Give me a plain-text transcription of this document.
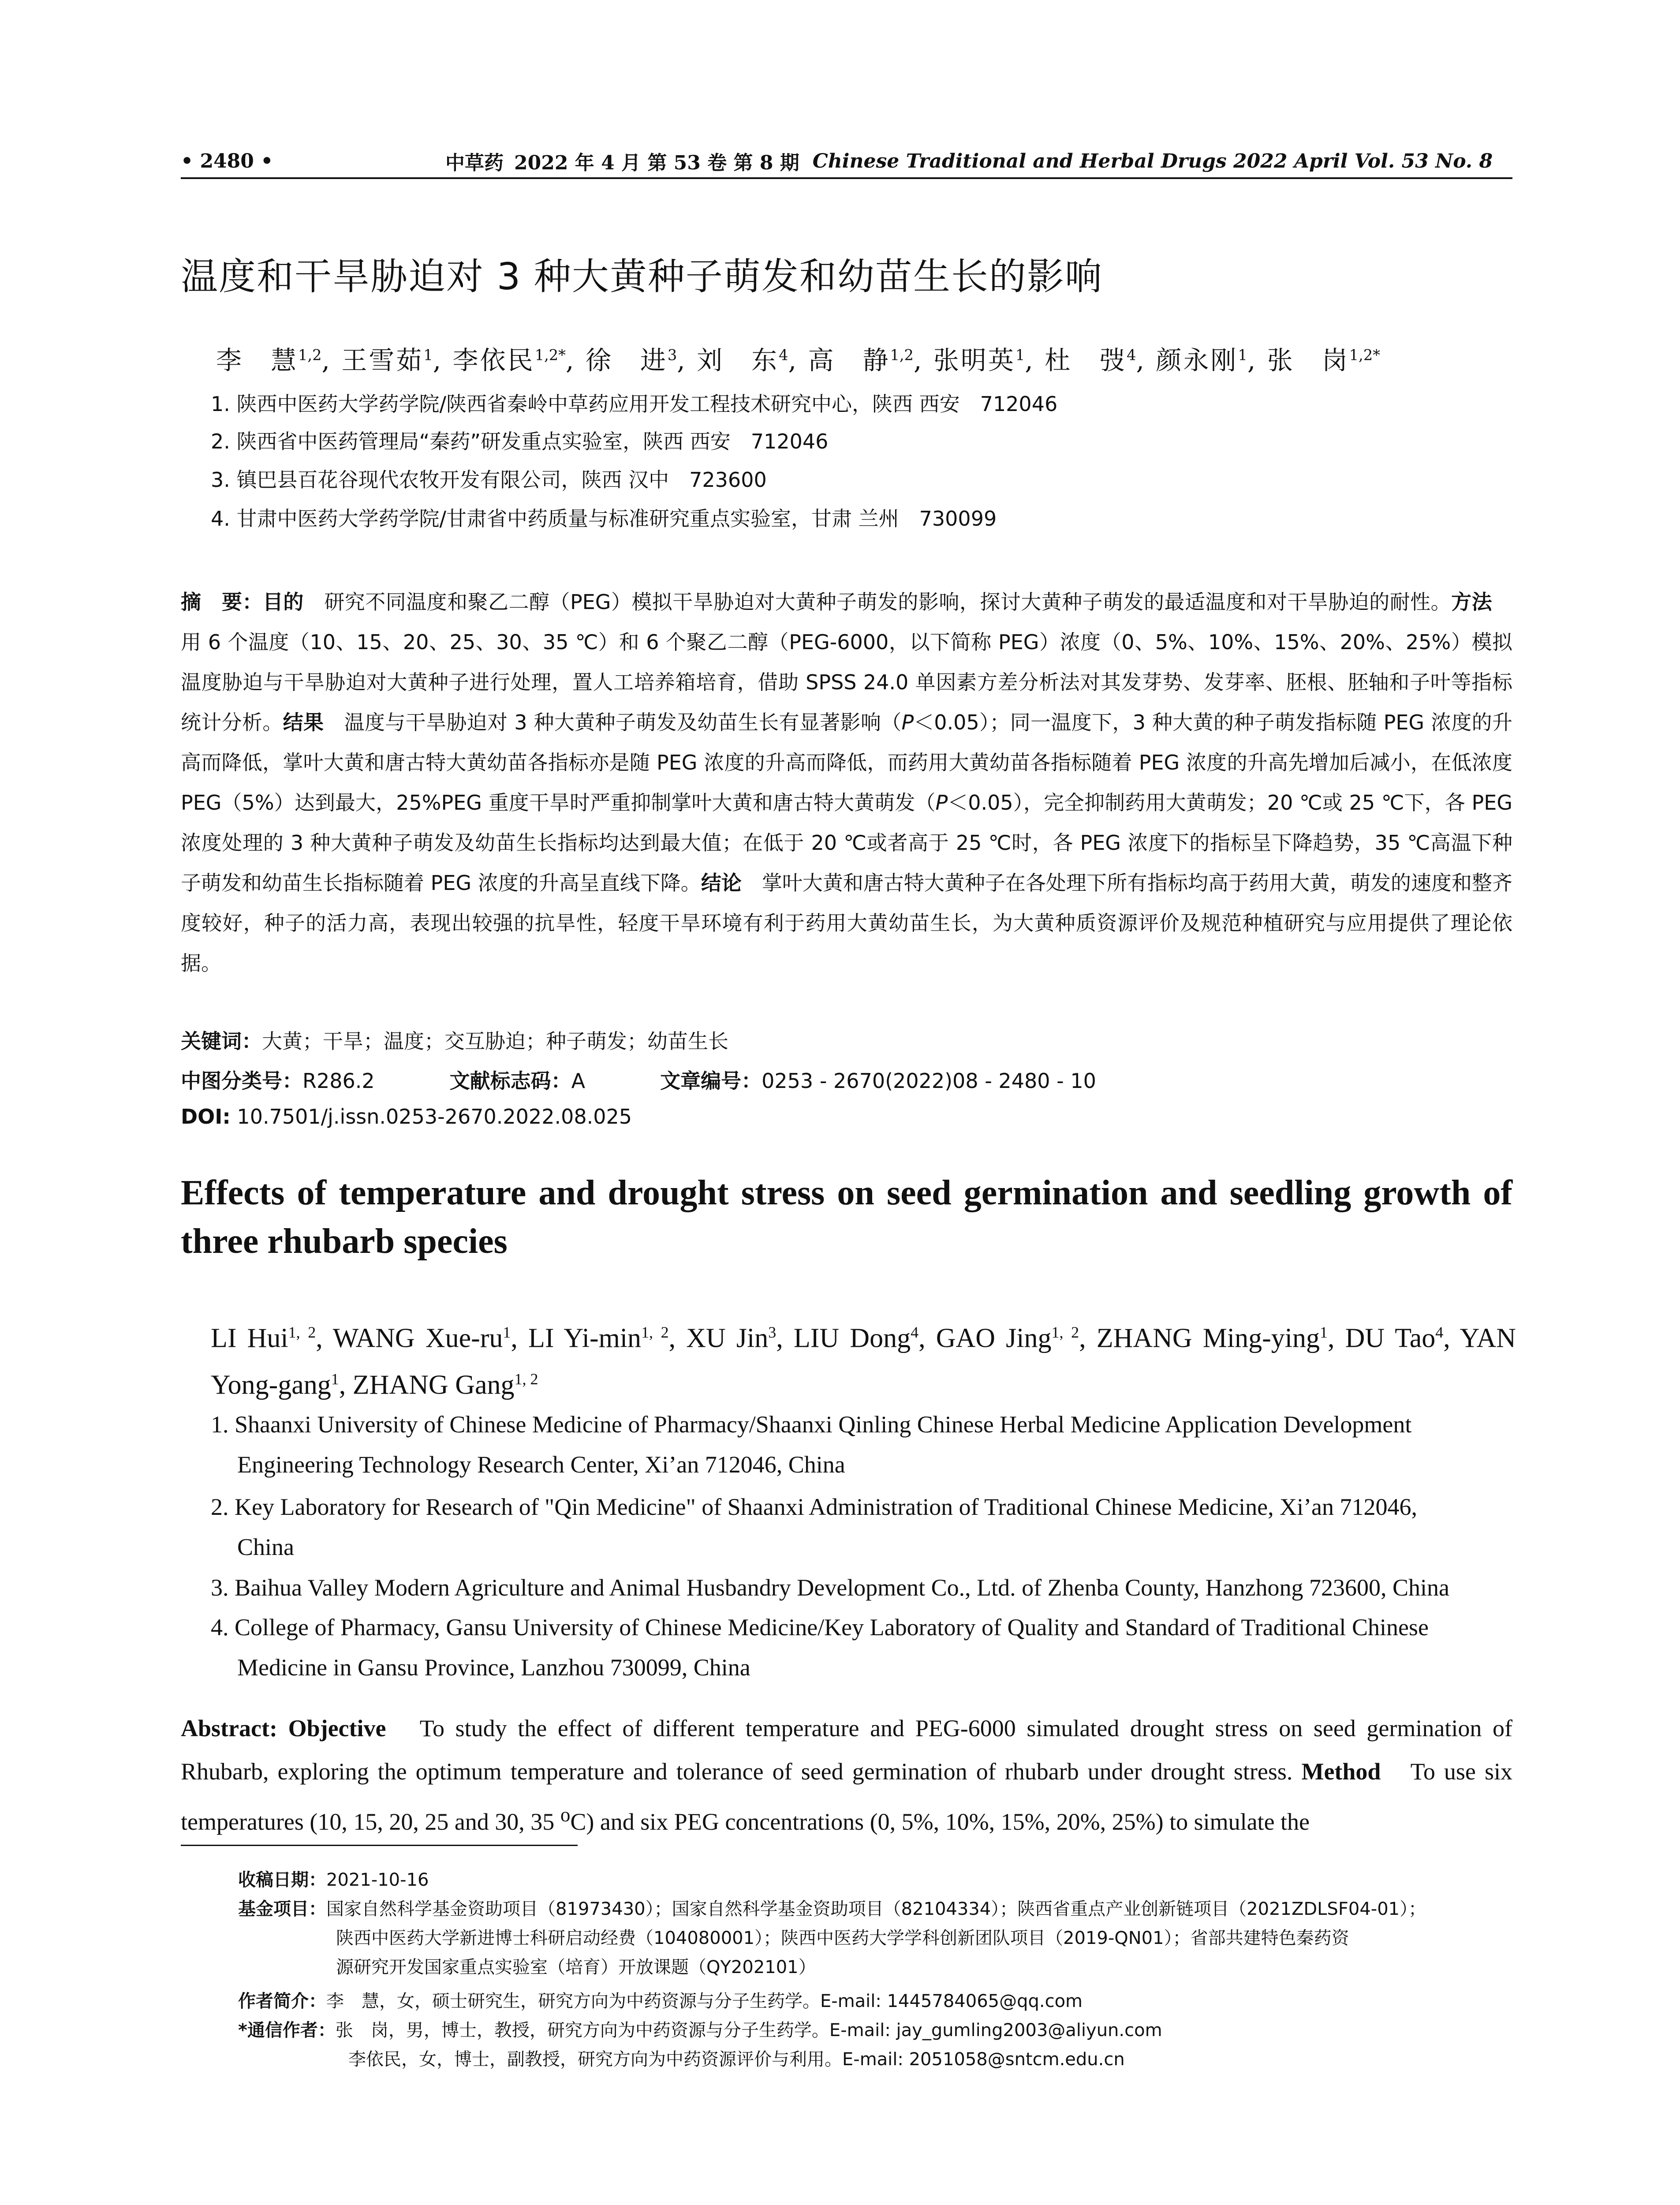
• 2480 •	中草药 2022 年 4 月 第 53 卷 第 8 期 Chinese Traditional and Herbal Drugs 2022 April Vol. 53 No. 8
温度和干旱胁迫对 3 种大黄种子萌发和幼苗生长的影响
李　慧$^{1,2}$, 王雪茹$^1$, 李依民$^{1,2*}$, 徐　进$^3$, 刘　东$^4$, 高　静$^{1,2}$, 张明英$^1$, 杜　弢$^4$, 颜永刚$^1$, 张　岗$^{1,2*}$
1. 陕西中医药大学药学院/陕西省秦岭中草药应用开发工程技术研究中心，陕西 西安　712046
2. 陕西省中医药管理局“秦药”研发重点实验室，陕西 西安　712046
3. 镇巴县百花谷现代农牧开发有限公司，陕西 汉中　723600
4. 甘肃中医药大学药学院/甘肃省中药质量与标准研究重点实验室，甘肃 兰州　730099
摘　要：目的　研究不同温度和聚乙二醇（PEG）模拟干旱胁迫对大黄种子萌发的影响，探讨大黄种子萌发的最适温度和对干旱胁迫的耐性。方法　用 6 个温度（10、15、20、25、30、35 ℃）和 6 个聚乙二醇（PEG-6000，以下简称 PEG）浓度（0、5%、10%、15%、20%、25%）模拟温度胁迫与干旱胁迫对大黄种子进行处理，置人工培养箱培育，借助 SPSS 24.0 单因素方差分析法对其发芽势、发芽率、胚根、胚轴和子叶等指标统计分析。结果　温度与干旱胁迫对 3 种大黄种子萌发及幼苗生长有显著影响（P＜0.05）；同一温度下，3 种大黄的种子萌发指标随 PEG 浓度的升高而降低，掌叶大黄和唐古特大黄幼苗各指标亦是随 PEG 浓度的升高而降低，而药用大黄幼苗各指标随着 PEG 浓度的升高先增加后减小，在低浓度 PEG（5%）达到最大，25%PEG 重度干旱时严重抑制掌叶大黄和唐古特大黄萌发（P＜0.05），完全抑制药用大黄萌发；20 ℃或 25 ℃下，各 PEG 浓度处理的 3 种大黄种子萌发及幼苗生长指标均达到最大值；在低于 20 ℃或者高于 25 ℃时，各 PEG 浓度下的指标呈下降趋势，35 ℃高温下种子萌发和幼苗生长指标随着 PEG 浓度的升高呈直线下降。结论　掌叶大黄和唐古特大黄种子在各处理下所有指标均高于药用大黄，萌发的速度和整齐度较好，种子的活力高，表现出较强的抗旱性，轻度干旱环境有利于药用大黄幼苗生长，为大黄种质资源评价及规范种植研究与应用提供了理论依据。
关键词：大黄；干旱；温度；交互胁迫；种子萌发；幼苗生长
中图分类号：R286.2	文献标志码：A	文章编号：0253 - 2670(2022)08 - 2480 - 10
DOI: 10.7501/j.issn.0253-2670.2022.08.025
Effects of temperature and drought stress on seed germination and seedling growth of three rhubarb species
LI Hui$^{1, 2}$, WANG Xue-$ru^1$, LI $Yi-\min^{1, 2}$, XU Jin$^3$, LIU Dong$^4$, GAO Jing$^{1, 2}$, ZHANG Ming-ying$^1$, DU Tao$^4$, YAN Yong-gang$^1$, ZHANG Gang$^{1, 2}$
1. Shaanxi University of Chinese Medicine of Pharmacy/Shaanxi Qinling Chinese Herbal Medicine Application Development
Engineering Technology Research Center, Xi’an 712046, China
2. Key Laboratory for Research of "Qin Medicine" of Shaanxi Administration of Traditional Chinese Medicine, Xi’an 712046,
China
3. Baihua Valley Modern Agriculture and Animal Husbandry Development Co., Ltd. of Zhenba County, Hanzhong 723600, China
4. College of Pharmacy, Gansu University of Chinese Medicine/Key Laboratory of Quality and Standard of Traditional Chinese
Medicine in Gansu Province, Lanzhou 730099, China
Abstract: Objective　To study the effect of different temperature and PEG-6000 simulated drought stress on seed germination of Rhubarb, exploring the optimum temperature and tolerance of seed germination of rhubarb under drought stress. Method　To use six temperatures (10, 15, 20, 25 and 30, 35 $^o$C) and six PEG concentrations (0, 5%, 10%, 15%, 20%, 25%) to simulate the
收稿日期：2021-10-16
基金项目：国家自然科学基金资助项目（81973430）；国家自然科学基金资助项目（82104334）；陕西省重点产业创新链项目（2021ZDLSF04-01）；
陕西中医药大学新进博士科研启动经费（104080001）；陕西中医药大学学科创新团队项目（2019-QN01）；省部共建特色秦药资
源研究开发国家重点实验室（培育）开放课题（QY202101）
作者简介：李　慧，女，硕士研究生，研究方向为中药资源与分子生药学。E-mail: 1445784065@qq.com
*通信作者：张　岗，男，博士，教授，研究方向为中药资源与分子生药学。E-mail: jay_gumling2003@aliyun.com
李依民，女，博士，副教授，研究方向为中药资源评价与利用。E-mail: 2051058@sntcm.edu.cn
